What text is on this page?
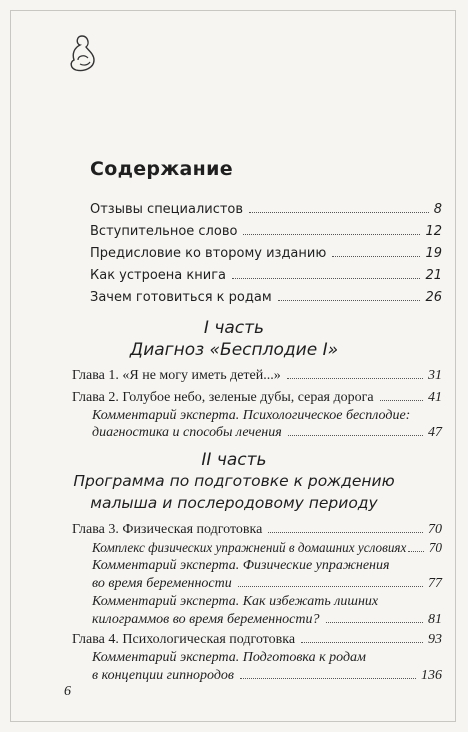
Содержание
Отзывы специалистов	8
Вступительное слово	12
Предисловие ко второму изданию	19
Как устроена книга	21
Зачем готовиться к родам	26
I часть
Диагноз «Бесплодие I»
Глава 1. «Я не могу иметь детей...»	31
Глава 2. Голубое небо, зеленые дубы, серая дорога	41
Комментарий эксперта. Психологическое бесплодие:
диагностика и способы лечения	47
II часть
Программа по подготовке к рождению
малыша и послеродовому периоду
Глава 3. Физическая подготовка	70
Комплекс физических упражнений в домашних условиях 70
Комментарий эксперта. Физические упражнения
во время беременности	77
Комментарий эксперта. Как избежать лишних
килограммов во время беременности?	81
Глава 4. Психологическая подготовка	93
Комментарий эксперта. Подготовка к родам
в концепции гипнородов	136
6
